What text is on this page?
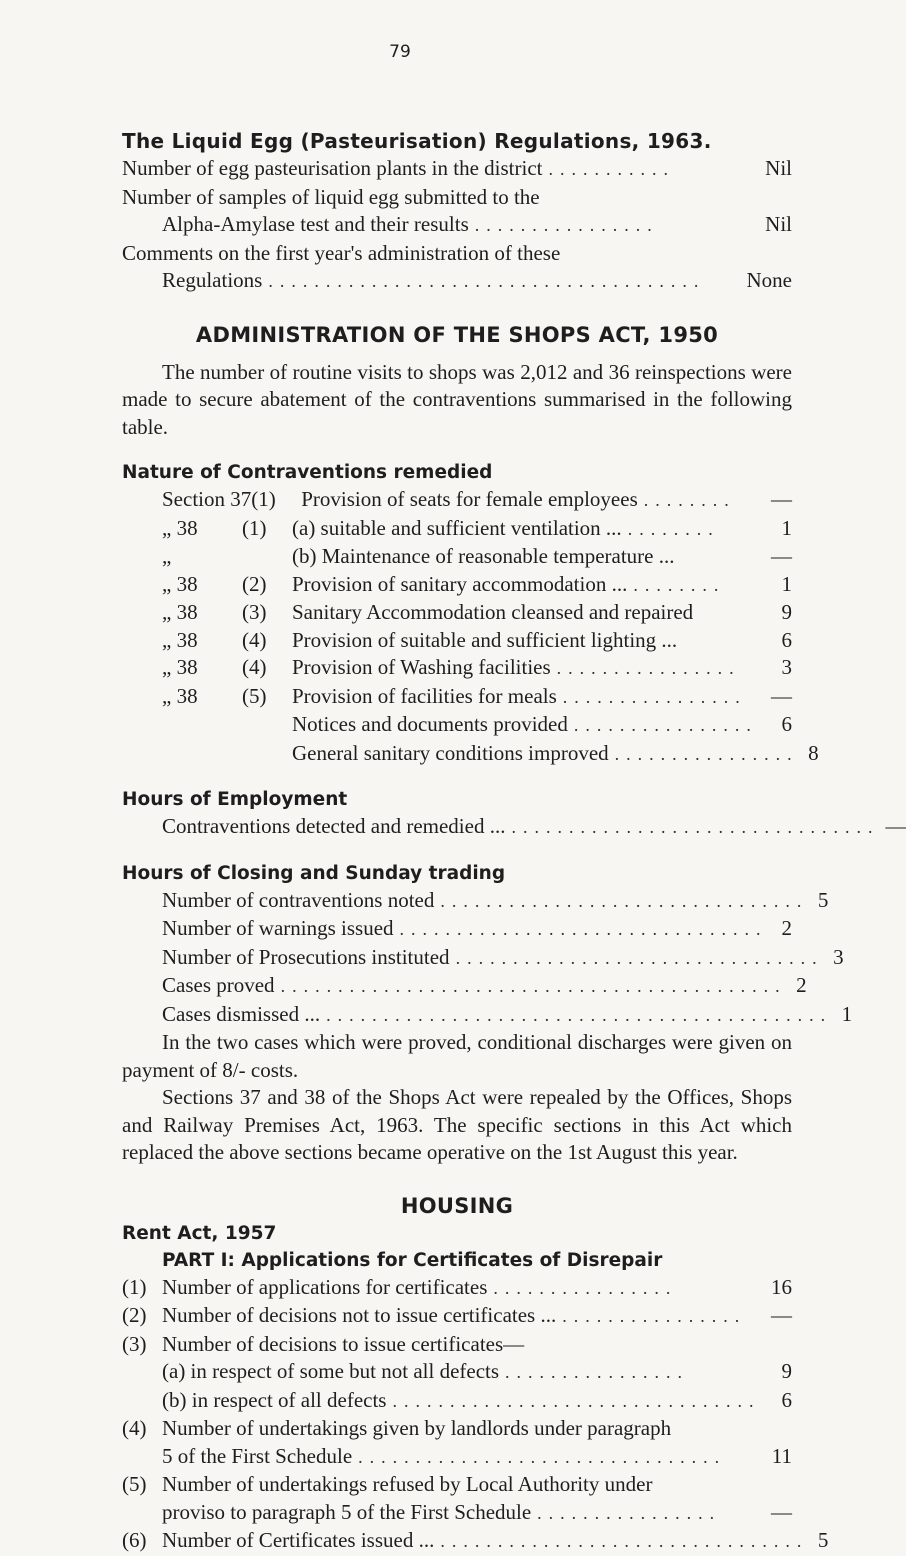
79
The Liquid Egg (Pasteurisation) Regulations, 1963.
Number of egg pasteurisation plants in the district ...........	Nil
Number of samples of liquid egg submitted to the
Alpha-Amylase test and their results ................	Nil
Comments on the first year's administration of these
Regulations ......................................	None
ADMINISTRATION OF THE SHOPS ACT, 1950
The number of routine visits to shops was 2,012 and 36 reinspections were made to secure abatement of the contraventions summarised in the following table.
Nature of Contraventions remedied
Section 37 (1)	Provision of seats for female employees ........	—
„ 38	(1)	(a) suitable and sufficient ventilation ... ........	1
„	(b) Maintenance of reasonable temperature ...	—
„ 38	(2)	Provision of sanitary accommodation ... ........	1
„ 38	(3)	Sanitary Accommodation cleansed and repaired	9
„ 38	(4)	Provision of suitable and sufficient lighting ...	6
„ 38	(4)	Provision of Washing facilities ................	3
„ 38	(5)	Provision of facilities for meals ................	—
Notices and documents provided ................	6
General sanitary conditions improved ................ 8
Hours of Employment
Contraventions detected and remedied ... ................................ —
Hours of Closing and Sunday trading
Number of contraventions noted ................................ 5
Number of warnings issued ................................ 2
Number of Prosecutions instituted ................................ 3
Cases proved ............................................ 2
Cases dismissed ... ............................................ 1
In the two cases which were proved, conditional discharges were given on payment of 8/- costs.
Sections 37 and 38 of the Shops Act were repealed by the Offices, Shops and Railway Premises Act, 1963. The specific sections in this Act which replaced the above sections became operative on the 1st August this year.
HOUSING
Rent Act, 1957
PART I: Applications for Certificates of Disrepair
(1) Number of applications for certificates ................	16
(2) Number of decisions not to issue certificates ... ................	—
(3) Number of decisions to issue certificates—
(a) in respect of some but not all defects ................	9
(b) in respect of all defects ................................	6
(4) Number of undertakings given by landlords under paragraph
5 of the First Schedule ................................	11
(5) Number of undertakings refused by Local Authority under
proviso to paragraph 5 of the First Schedule ................	—
(6) Number of Certificates issued ... ................................ 5
